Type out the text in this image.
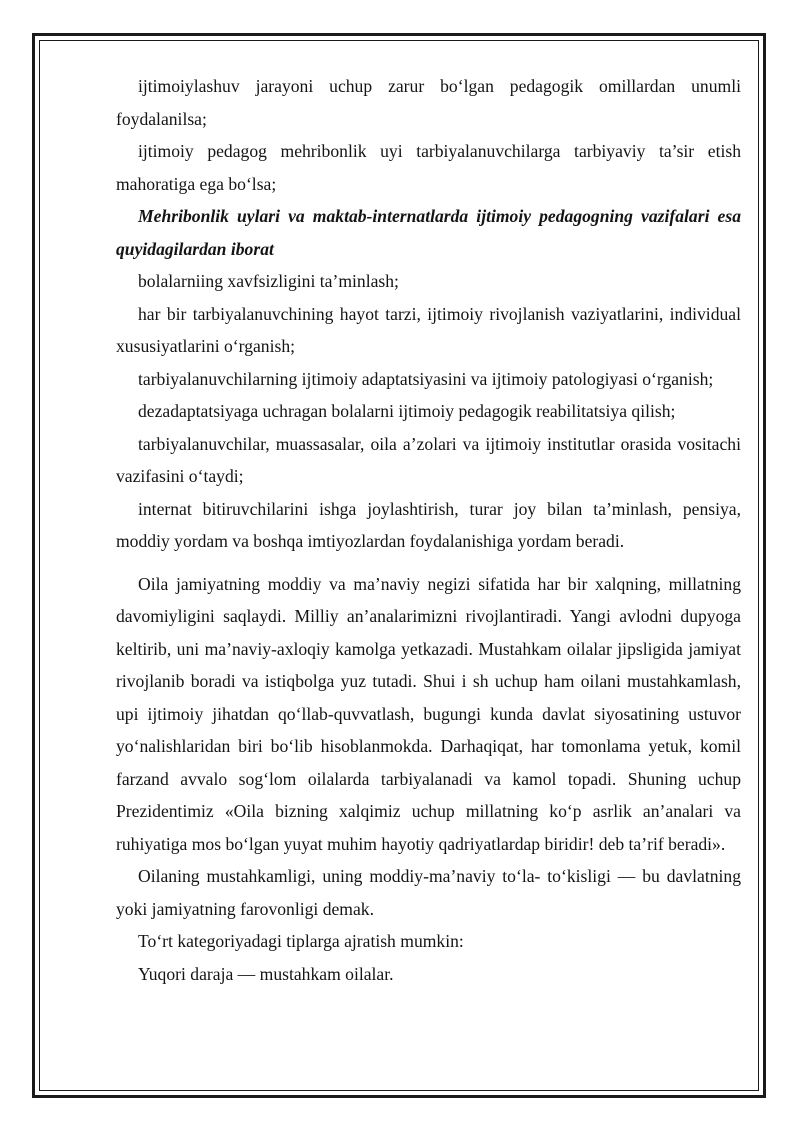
ijtimoiylashuv jarayoni uchup zarur bo‘lgan pedagogik omillardan unumli foydalanilsa;

ijtimoiy pedagog mehribonlik uyi tarbiyalanuvchilarga tarbiyaviy ta’sir etish mahoratiga ega bo‘lsa;

Mehribonlik uylari va maktab-internatlarda ijtimoiy pedagogning vazifalari esa quyidagilardan iborat

bolalarniing xavfsizligini ta’minlash;

har bir tarbiyalanuvchining hayot tarzi, ijtimoiy rivojlanish vaziyatlarini, individual xususiyatlarini o‘rganish;

tarbiyalanuvchilarning ijtimoiy adaptatsiyasini va ijtimoiy patologiyasi o‘rganish;

dezadaptatsiyaga uchragan bolalarni ijtimoiy pedagogik reabilitatsiya qilish;

tarbiyalanuvchilar, muassasalar, oila a’zolari va ijtimoiy institutlar orasida vositachi vazifasini o‘taydi;

internat bitiruvchilarini ishga joylashtirish, turar joy bilan ta’minlash, pensiya, moddiy yordam va boshqa imtiyozlardan foydalanishiga yordam beradi.

Oila jamiyatning moddiy va ma’naviy negizi sifatida har bir xalqning, millatning davomiyligini saqlaydi. Milliy an’analarimizni rivojlantiradi. Yangi avlodni dupyoga keltirib, uni ma’naviy-axloqiy kamolga yetkazadi. Mustahkam oilalar jipsligida jamiyat rivojlanib boradi va istiqbolga yuz tutadi. Shui i sh uchup ham oilani mustahkamlash, upi ijtimoiy jihatdan qo‘llab-quvvatlash, bugungi kunda davlat siyosatining ustuvor yo‘nalishlaridan biri bo‘lib hisoblanmokda. Darhaqiqat, har tomonlama yetuk, komil farzand avvalo sog‘lom oilalarda tarbiyalanadi va kamol topadi. Shuning uchup Prezidentimiz «Oila bizning xalqimiz uchup millatning ko‘p asrlik an’analari va ruhiyatiga mos bo‘lgan yuyat muhim hayotiy qadriyatlardap biridir! deb ta’rif beradi».

Oilaning mustahkamligi, uning moddiy-ma’naviy to‘la- to‘kisligi — bu davlatning yoki jamiyatning farovonligi demak.

To‘rt kategoriyadagi tiplarga ajratish mumkin:

Yuqori daraja — mustahkam oilalar.
